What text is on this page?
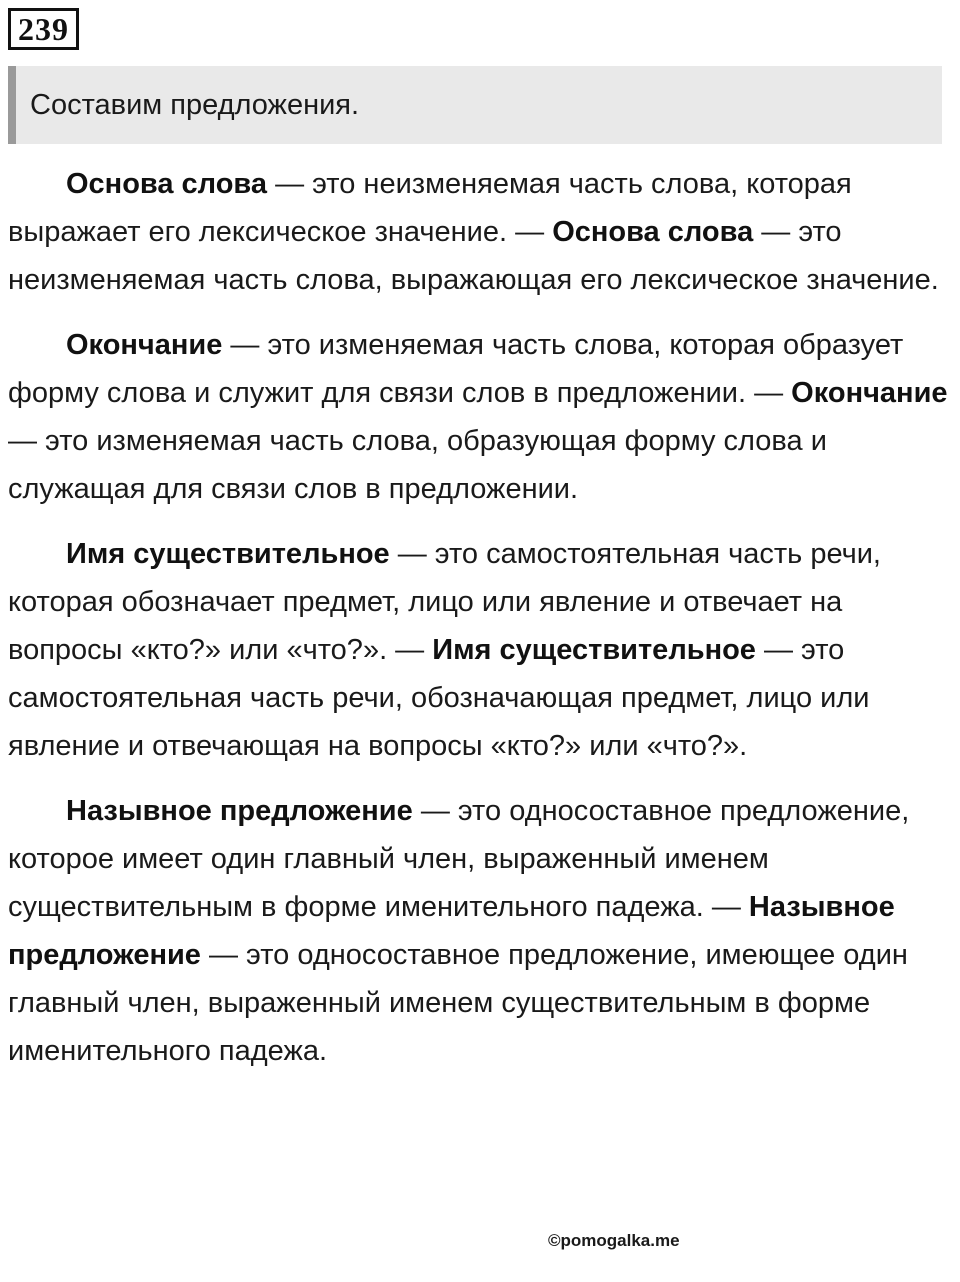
239
Составим предложения.

Основа слова — это неизменяемая часть слова, которая выражает его лексическое значение. — Основа слова — это неизменяемая часть слова, выражающая его лексическое значение.

Окончание — это изменяемая часть слова, которая образует форму слова и служит для связи слов в предложении. — Окончание — это изменяемая часть слова, образующая форму слова и служащая для связи слов в предложении.

Имя существительное — это самостоятельная часть речи, которая обозначает предмет, лицо или явление и отвечает на вопросы «кто?» или «что?». — Имя существительное — это самостоятельная часть речи, обозначающая предмет, лицо или явление и отвечающая на вопросы «кто?» или «что?».

Назывное предложение — это односоставное предложение, которое имеет один главный член, выраженный именем существительным в форме именительного падежа. — Назывное предложение — это односоставное предложение, имеющее один главный член, выраженный именем существительным в форме именительного падежа.

©pomogalka.me
